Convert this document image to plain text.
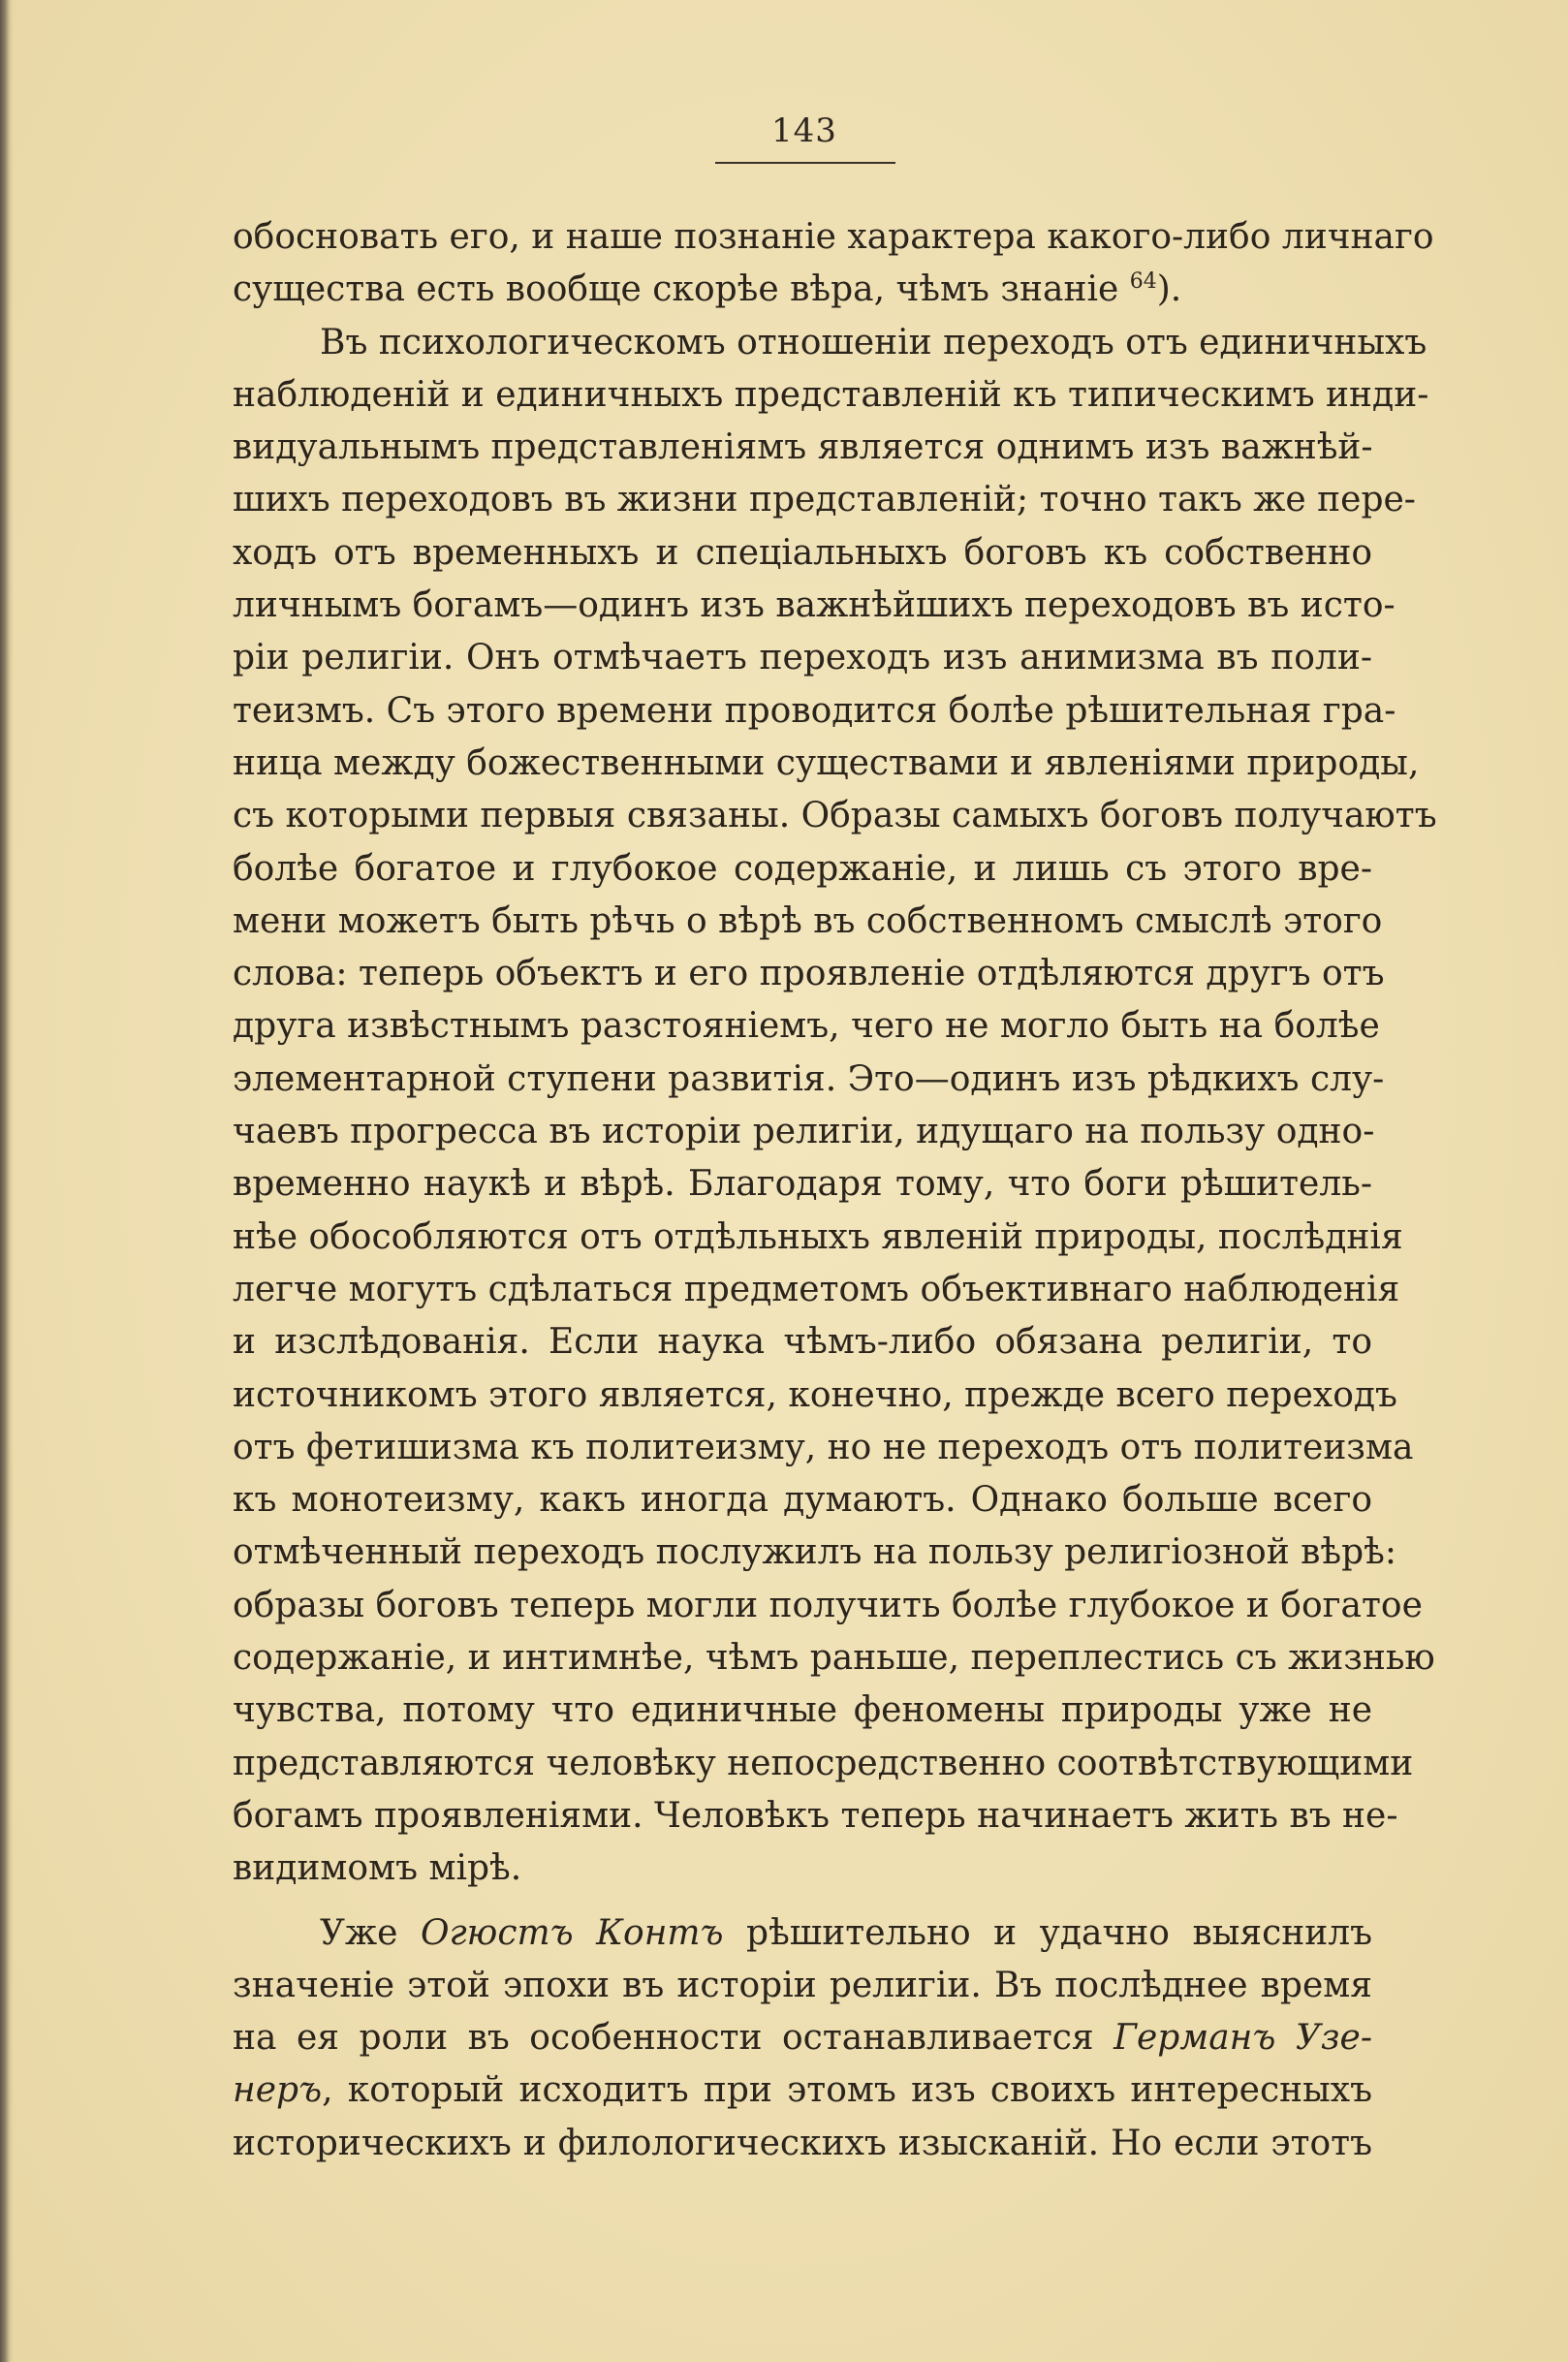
143
обосновать его, и наше познаніе характера какого-либо личнаго
существа есть вообще скорѣе вѣра, чѣмъ знаніе $^{64}$).
Въ психологическомъ отношеніи переходъ отъ единичныхъ
наблюденій и единичныхъ представленій къ типическимъ инди-
видуальнымъ представленіямъ является однимъ изъ важнѣй-
шихъ переходовъ въ жизни представленій; точно такъ же пере-
ходъ отъ временныхъ и спеціальныхъ боговъ къ собственно
личнымъ богамъ—одинъ изъ важнѣйшихъ переходовъ въ исто-
ріи религіи. Онъ отмѣчаетъ переходъ изъ анимизма въ поли-
теизмъ. Съ этого времени проводится болѣе рѣшительная гра-
ница между божественными существами и явленіями природы,
съ которыми первыя связаны. Образы самыхъ боговъ получаютъ
болѣе богатое и глубокое содержаніе, и лишь съ этого вре-
мени можетъ быть рѣчь о вѣрѣ въ собственномъ смыслѣ этого
слова: теперь объектъ и его проявленіе отдѣляются другъ отъ
друга извѣстнымъ разстояніемъ, чего не могло быть на болѣе
элементарной ступени развитія. Это—одинъ изъ рѣдкихъ слу-
чаевъ прогресса въ исторіи религіи, идущаго на пользу одно-
временно наукѣ и вѣрѣ. Благодаря тому, что боги рѣшитель-
нѣе обособляются отъ отдѣльныхъ явленій природы, послѣднія
легче могутъ сдѣлаться предметомъ объективнаго наблюденія
и изслѣдованія. Если наука чѣмъ-либо обязана религіи, то
источникомъ этого является, конечно, прежде всего переходъ
отъ фетишизма къ политеизму, но не переходъ отъ политеизма
къ монотеизму, какъ иногда думаютъ. Однако больше всего
отмѣченный переходъ послужилъ на пользу религіозной вѣрѣ:
образы боговъ теперь могли получить болѣе глубокое и богатое
содержаніе, и интимнѣе, чѣмъ раньше, переплестись съ жизнью
чувства, потому что единичные феномены природы уже не
представляются человѣку непосредственно соотвѣтствующими
богамъ проявленіями. Человѣкъ теперь начинаетъ жить въ не-
видимомъ мірѣ.
Уже Огюстъ Контъ рѣшительно и удачно выяснилъ
значеніе этой эпохи въ исторіи религіи. Въ послѣднее время
на ея роли въ особенности останавливается Германъ Узе-
неръ, который исходитъ при этомъ изъ своихъ интересныхъ
историческихъ и филологическихъ изысканій. Но если этотъ
